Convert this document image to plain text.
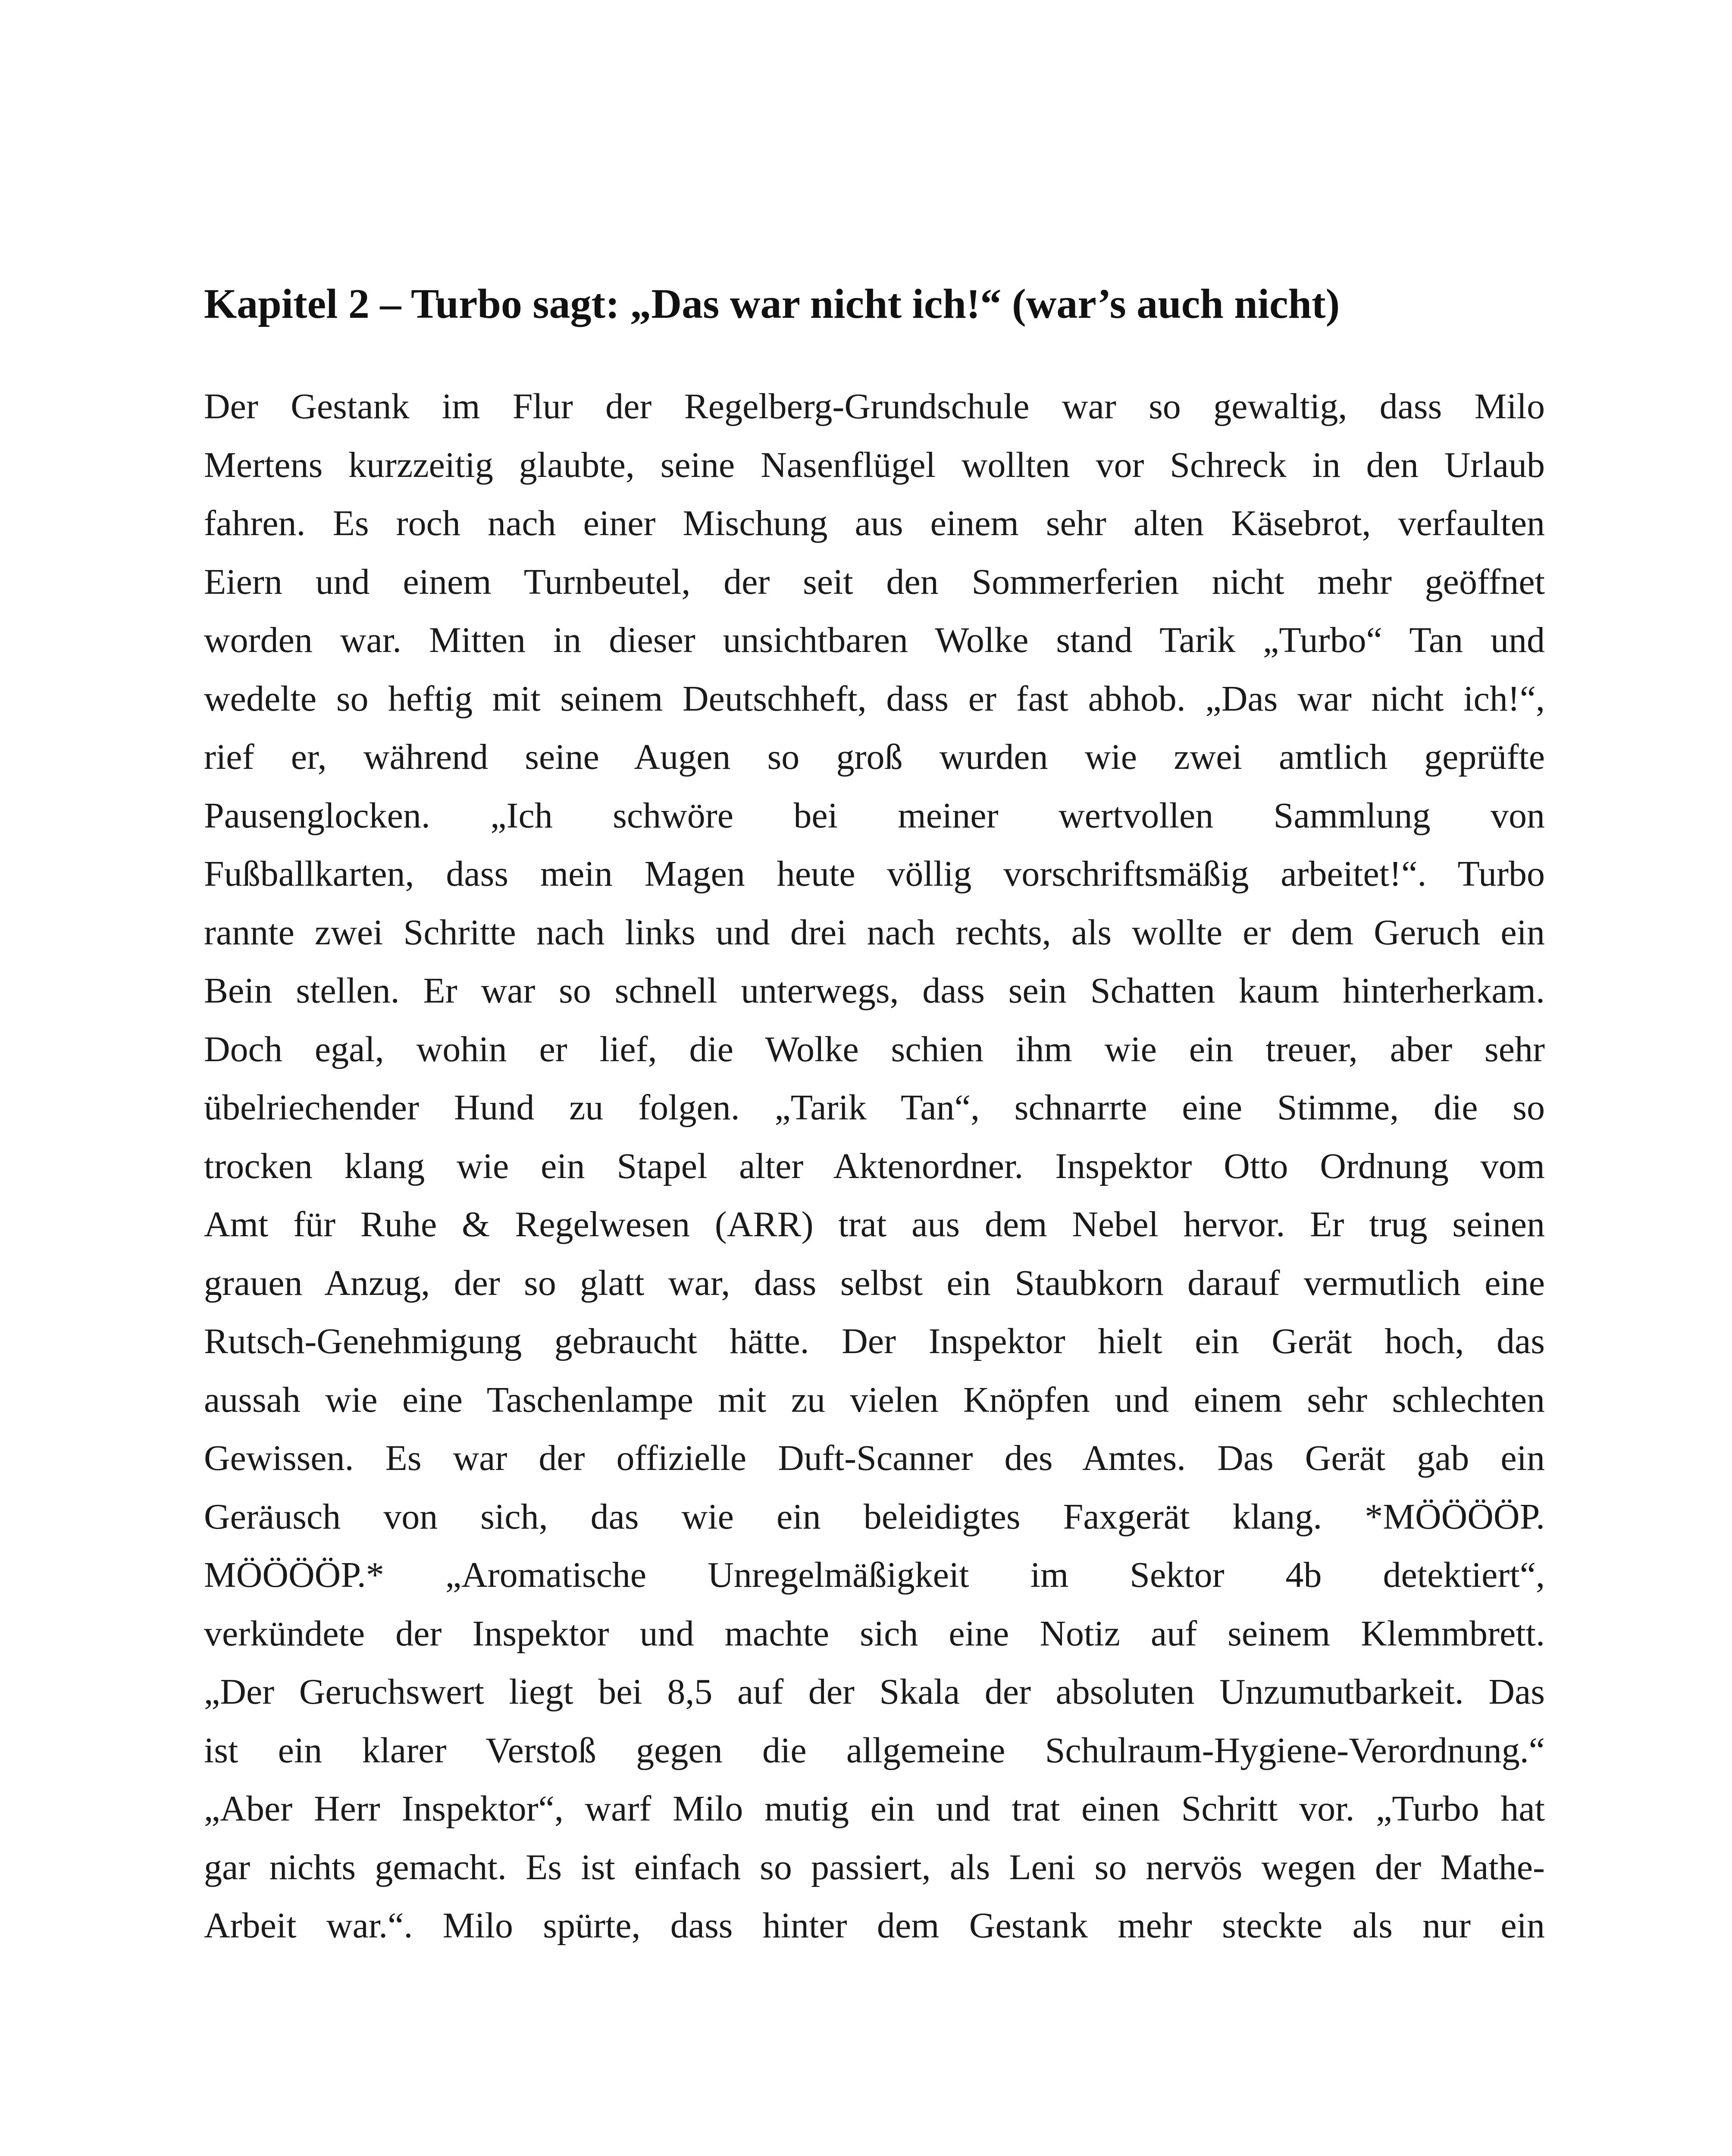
Kapitel 2 – Turbo sagt: „Das war nicht ich!“ (war’s auch nicht)
Der Gestank im Flur der Regelberg-Grundschule war so gewaltig, dass Milo
Mertens kurzzeitig glaubte, seine Nasenflügel wollten vor Schreck in den Urlaub
fahren. Es roch nach einer Mischung aus einem sehr alten Käsebrot, verfaulten
Eiern und einem Turnbeutel, der seit den Sommerferien nicht mehr geöffnet
worden war. Mitten in dieser unsichtbaren Wolke stand Tarik „Turbo“ Tan und
wedelte so heftig mit seinem Deutschheft, dass er fast abhob. „Das war nicht ich!“,
rief er, während seine Augen so groß wurden wie zwei amtlich geprüfte
Pausenglocken. „Ich schwöre bei meiner wertvollen Sammlung von
Fußballkarten, dass mein Magen heute völlig vorschriftsmäßig arbeitet!“. Turbo
rannte zwei Schritte nach links und drei nach rechts, als wollte er dem Geruch ein
Bein stellen. Er war so schnell unterwegs, dass sein Schatten kaum hinterherkam.
Doch egal, wohin er lief, die Wolke schien ihm wie ein treuer, aber sehr
übelriechender Hund zu folgen. „Tarik Tan“, schnarrte eine Stimme, die so
trocken klang wie ein Stapel alter Aktenordner. Inspektor Otto Ordnung vom
Amt für Ruhe & Regelwesen (ARR) trat aus dem Nebel hervor. Er trug seinen
grauen Anzug, der so glatt war, dass selbst ein Staubkorn darauf vermutlich eine
Rutsch-Genehmigung gebraucht hätte. Der Inspektor hielt ein Gerät hoch, das
aussah wie eine Taschenlampe mit zu vielen Knöpfen und einem sehr schlechten
Gewissen. Es war der offizielle Duft-Scanner des Amtes. Das Gerät gab ein
Geräusch von sich, das wie ein beleidigtes Faxgerät klang. *MÖÖÖÖP.
MÖÖÖÖP.* „Aromatische Unregelmäßigkeit im Sektor 4b detektiert“,
verkündete der Inspektor und machte sich eine Notiz auf seinem Klemmbrett.
„Der Geruchswert liegt bei 8,5 auf der Skala der absoluten Unzumutbarkeit. Das
ist ein klarer Verstoß gegen die allgemeine Schulraum-Hygiene-Verordnung.“
„Aber Herr Inspektor“, warf Milo mutig ein und trat einen Schritt vor. „Turbo hat
gar nichts gemacht. Es ist einfach so passiert, als Leni so nervös wegen der Mathe-
Arbeit war.“. Milo spürte, dass hinter dem Gestank mehr steckte als nur ein
